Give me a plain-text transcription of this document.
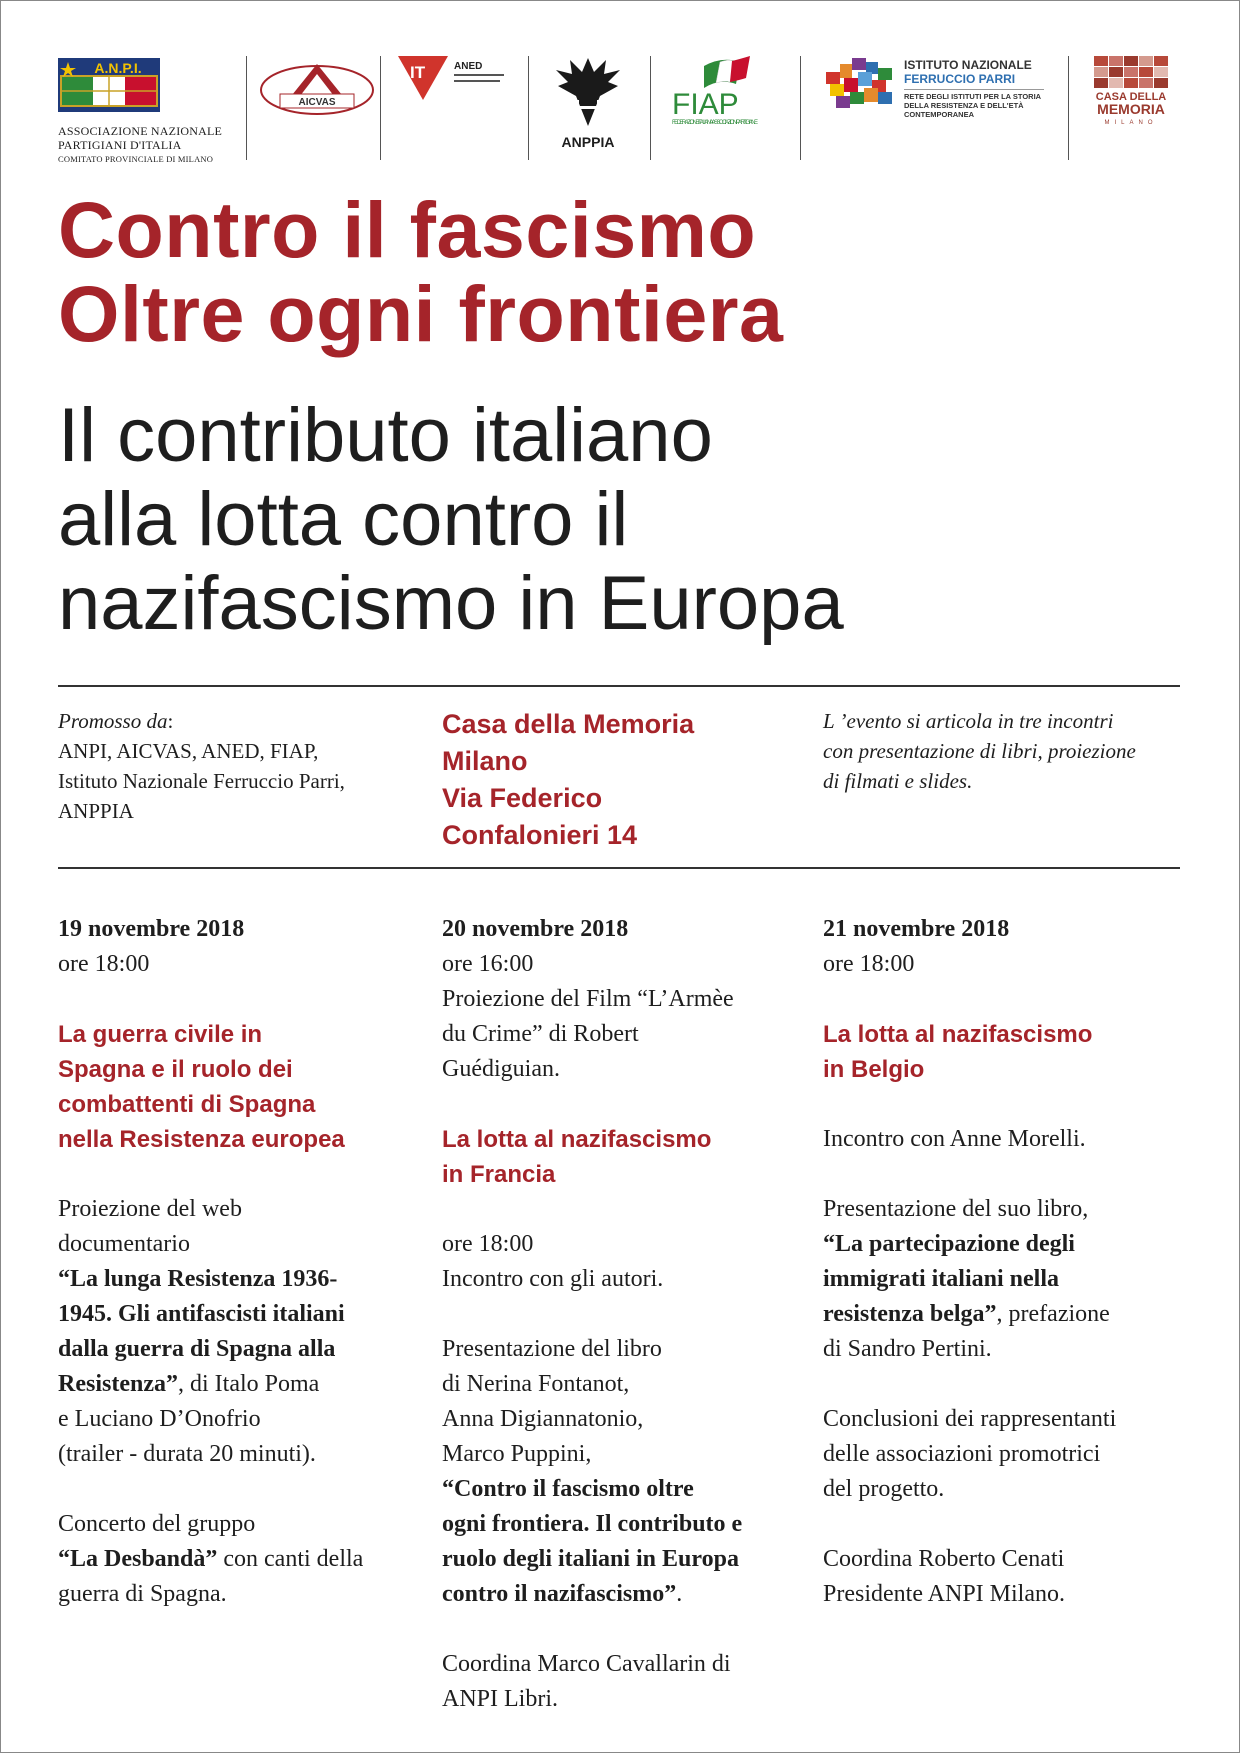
A.N.P.I.
ASSOCIAZIONE NAZIONALE
PARTIGIANI D'ITALIA
COMITATO PROVINCIALE DI MILANO
AICVAS
IT	ANED
ANPPIA
FIAP
FEDERAZIONE ITALIANA ASSOCIAZIONI PARTIGIANE
ISTITUTO NAZIONALE
FERRUCCIO PARRI
RETE DEGLI ISTITUTI PER LA STORIA
DELLA RESISTENZA E DELL'ETÀ
CONTEMPORANEA
CASA DELLA
MEMORIA
MILANO
Contro il fascismo
Oltre ogni frontiera
Il contributo italiano
alla lotta contro il
nazifascismo in Europa
Promosso da:
ANPI, AICVAS, ANED, FIAP,
Istituto Nazionale Ferruccio Parri,
ANPPIA
Casa della Memoria
Milano
Via Federico
Confalonieri 14
L ’evento si articola in tre incontri
con presentazione di libri, proiezione
di filmati e slides.
19 novembre 2018
ore 18:00
La guerra civile in
Spagna e il ruolo dei
combattenti di Spagna
nella Resistenza europea
Proiezione del web
documentario
“La lunga Resistenza 1936-
1945. Gli antifascisti italiani
dalla guerra di Spagna alla
Resistenza”, di Italo Poma
e Luciano D’Onofrio
(trailer - durata 20 minuti).
Concerto del gruppo
“La Desbandà” con canti della
guerra di Spagna.
20 novembre 2018
ore 16:00
Proiezione del Film “L’Armèe
du Crime” di Robert
Guédiguian.
La lotta al nazifascismo
in Francia
ore 18:00
Incontro con gli autori.
Presentazione del libro
di Nerina Fontanot,
Anna Digiannatonio,
Marco Puppini,
“Contro il fascismo oltre
ogni frontiera. Il contributo e
ruolo degli italiani in Europa
contro il nazifascismo”.
Coordina Marco Cavallarin di
ANPI Libri.
21 novembre 2018
ore 18:00
La lotta al nazifascismo
in Belgio
Incontro con Anne Morelli.
Presentazione del suo libro,
“La partecipazione degli
immigrati italiani nella
resistenza belga”, prefazione
di Sandro Pertini.
Conclusioni dei rappresentanti
delle associazioni promotrici
del progetto.
Coordina Roberto Cenati
Presidente ANPI Milano.
